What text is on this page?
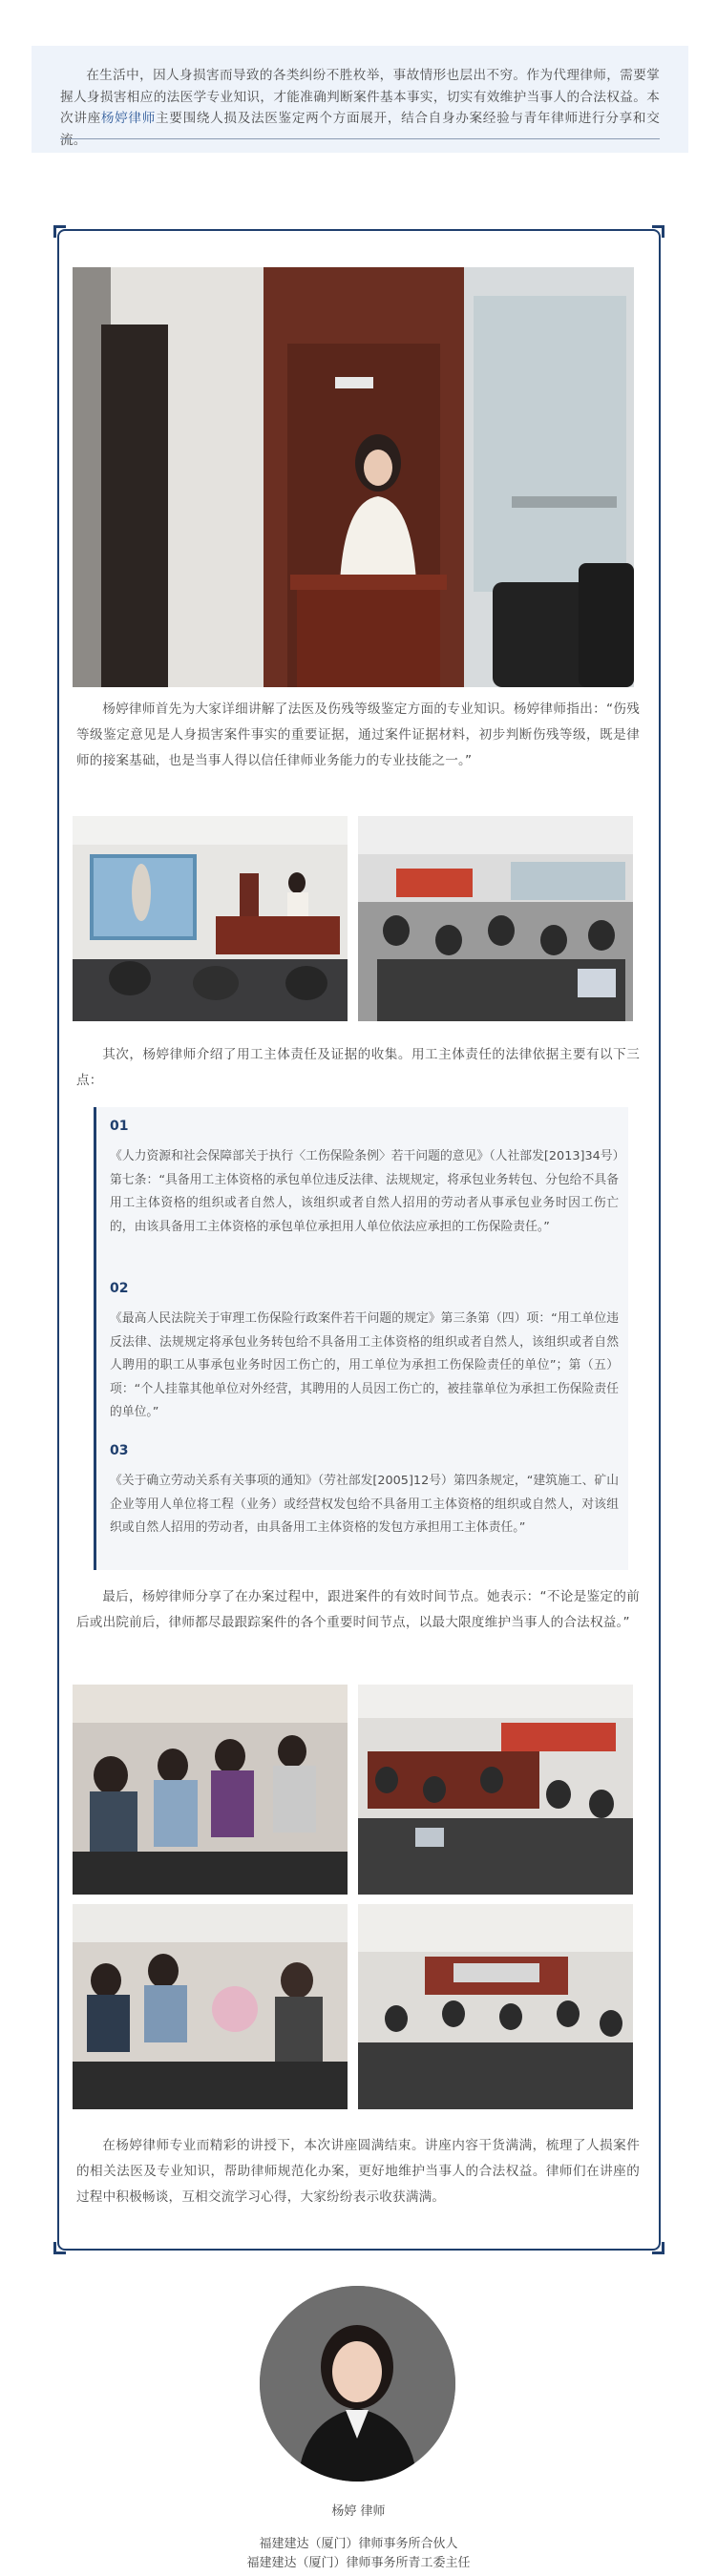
在生活中，因人身损害而导致的各类纠纷不胜枚举，事故情形也层出不穷。作为代理律师，需要掌握人身损害相应的法医学专业知识，才能准确判断案件基本事实，切实有效维护当事人的合法权益。本次讲座杨婷律师主要围绕人损及法医鉴定两个方面展开，结合自身办案经验与青年律师进行分享和交流。

杨婷律师首先为大家详细讲解了法医及伤残等级鉴定方面的专业知识。杨婷律师指出：“伤残等级鉴定意见是人身损害案件事实的重要证据，通过案件证据材料，初步判断伤残等级，既是律师的接案基础，也是当事人得以信任律师业务能力的专业技能之一。”

其次，杨婷律师介绍了用工主体责任及证据的收集。用工主体责任的法律依据主要有以下三点：

01

《人力资源和社会保障部关于执行〈工伤保险条例〉若干问题的意见》（人社部发[2013]34号）第七条：“具备用工主体资格的承包单位违反法律、法规规定，将承包业务转包、分包给不具备用工主体资格的组织或者自然人，该组织或者自然人招用的劳动者从事承包业务时因工伤亡的，由该具备用工主体资格的承包单位承担用人单位依法应承担的工伤保险责任。”

02

《最高人民法院关于审理工伤保险行政案件若干问题的规定》第三条第（四）项：“用工单位违反法律、法规规定将承包业务转包给不具备用工主体资格的组织或者自然人，该组织或者自然人聘用的职工从事承包业务时因工伤亡的，用工单位为承担工伤保险责任的单位”；第（五）项：“个人挂靠其他单位对外经营，其聘用的人员因工伤亡的，被挂靠单位为承担工伤保险责任的单位。”

03

《关于确立劳动关系有关事项的通知》（劳社部发[2005]12号）第四条规定，“建筑施工、矿山企业等用人单位将工程（业务）或经营权发包给不具备用工主体资格的组织或自然人，对该组织或自然人招用的劳动者，由具备用工主体资格的发包方承担用工主体责任。”

最后，杨婷律师分享了在办案过程中，跟进案件的有效时间节点。她表示：“不论是鉴定的前后或出院前后，律师都尽最跟踪案件的各个重要时间节点，以最大限度维护当事人的合法权益。”

在杨婷律师专业而精彩的讲授下，本次讲座圆满结束。讲座内容干货满满，梳理了人损案件的相关法医及专业知识，帮助律师规范化办案，更好地维护当事人的合法权益。律师们在讲座的过程中积极畅谈，互相交流学习心得，大家纷纷表示收获满满。

杨婷 律师
福建建达（厦门）律师事务所合伙人
福建建达（厦门）律师事务所青工委主任
